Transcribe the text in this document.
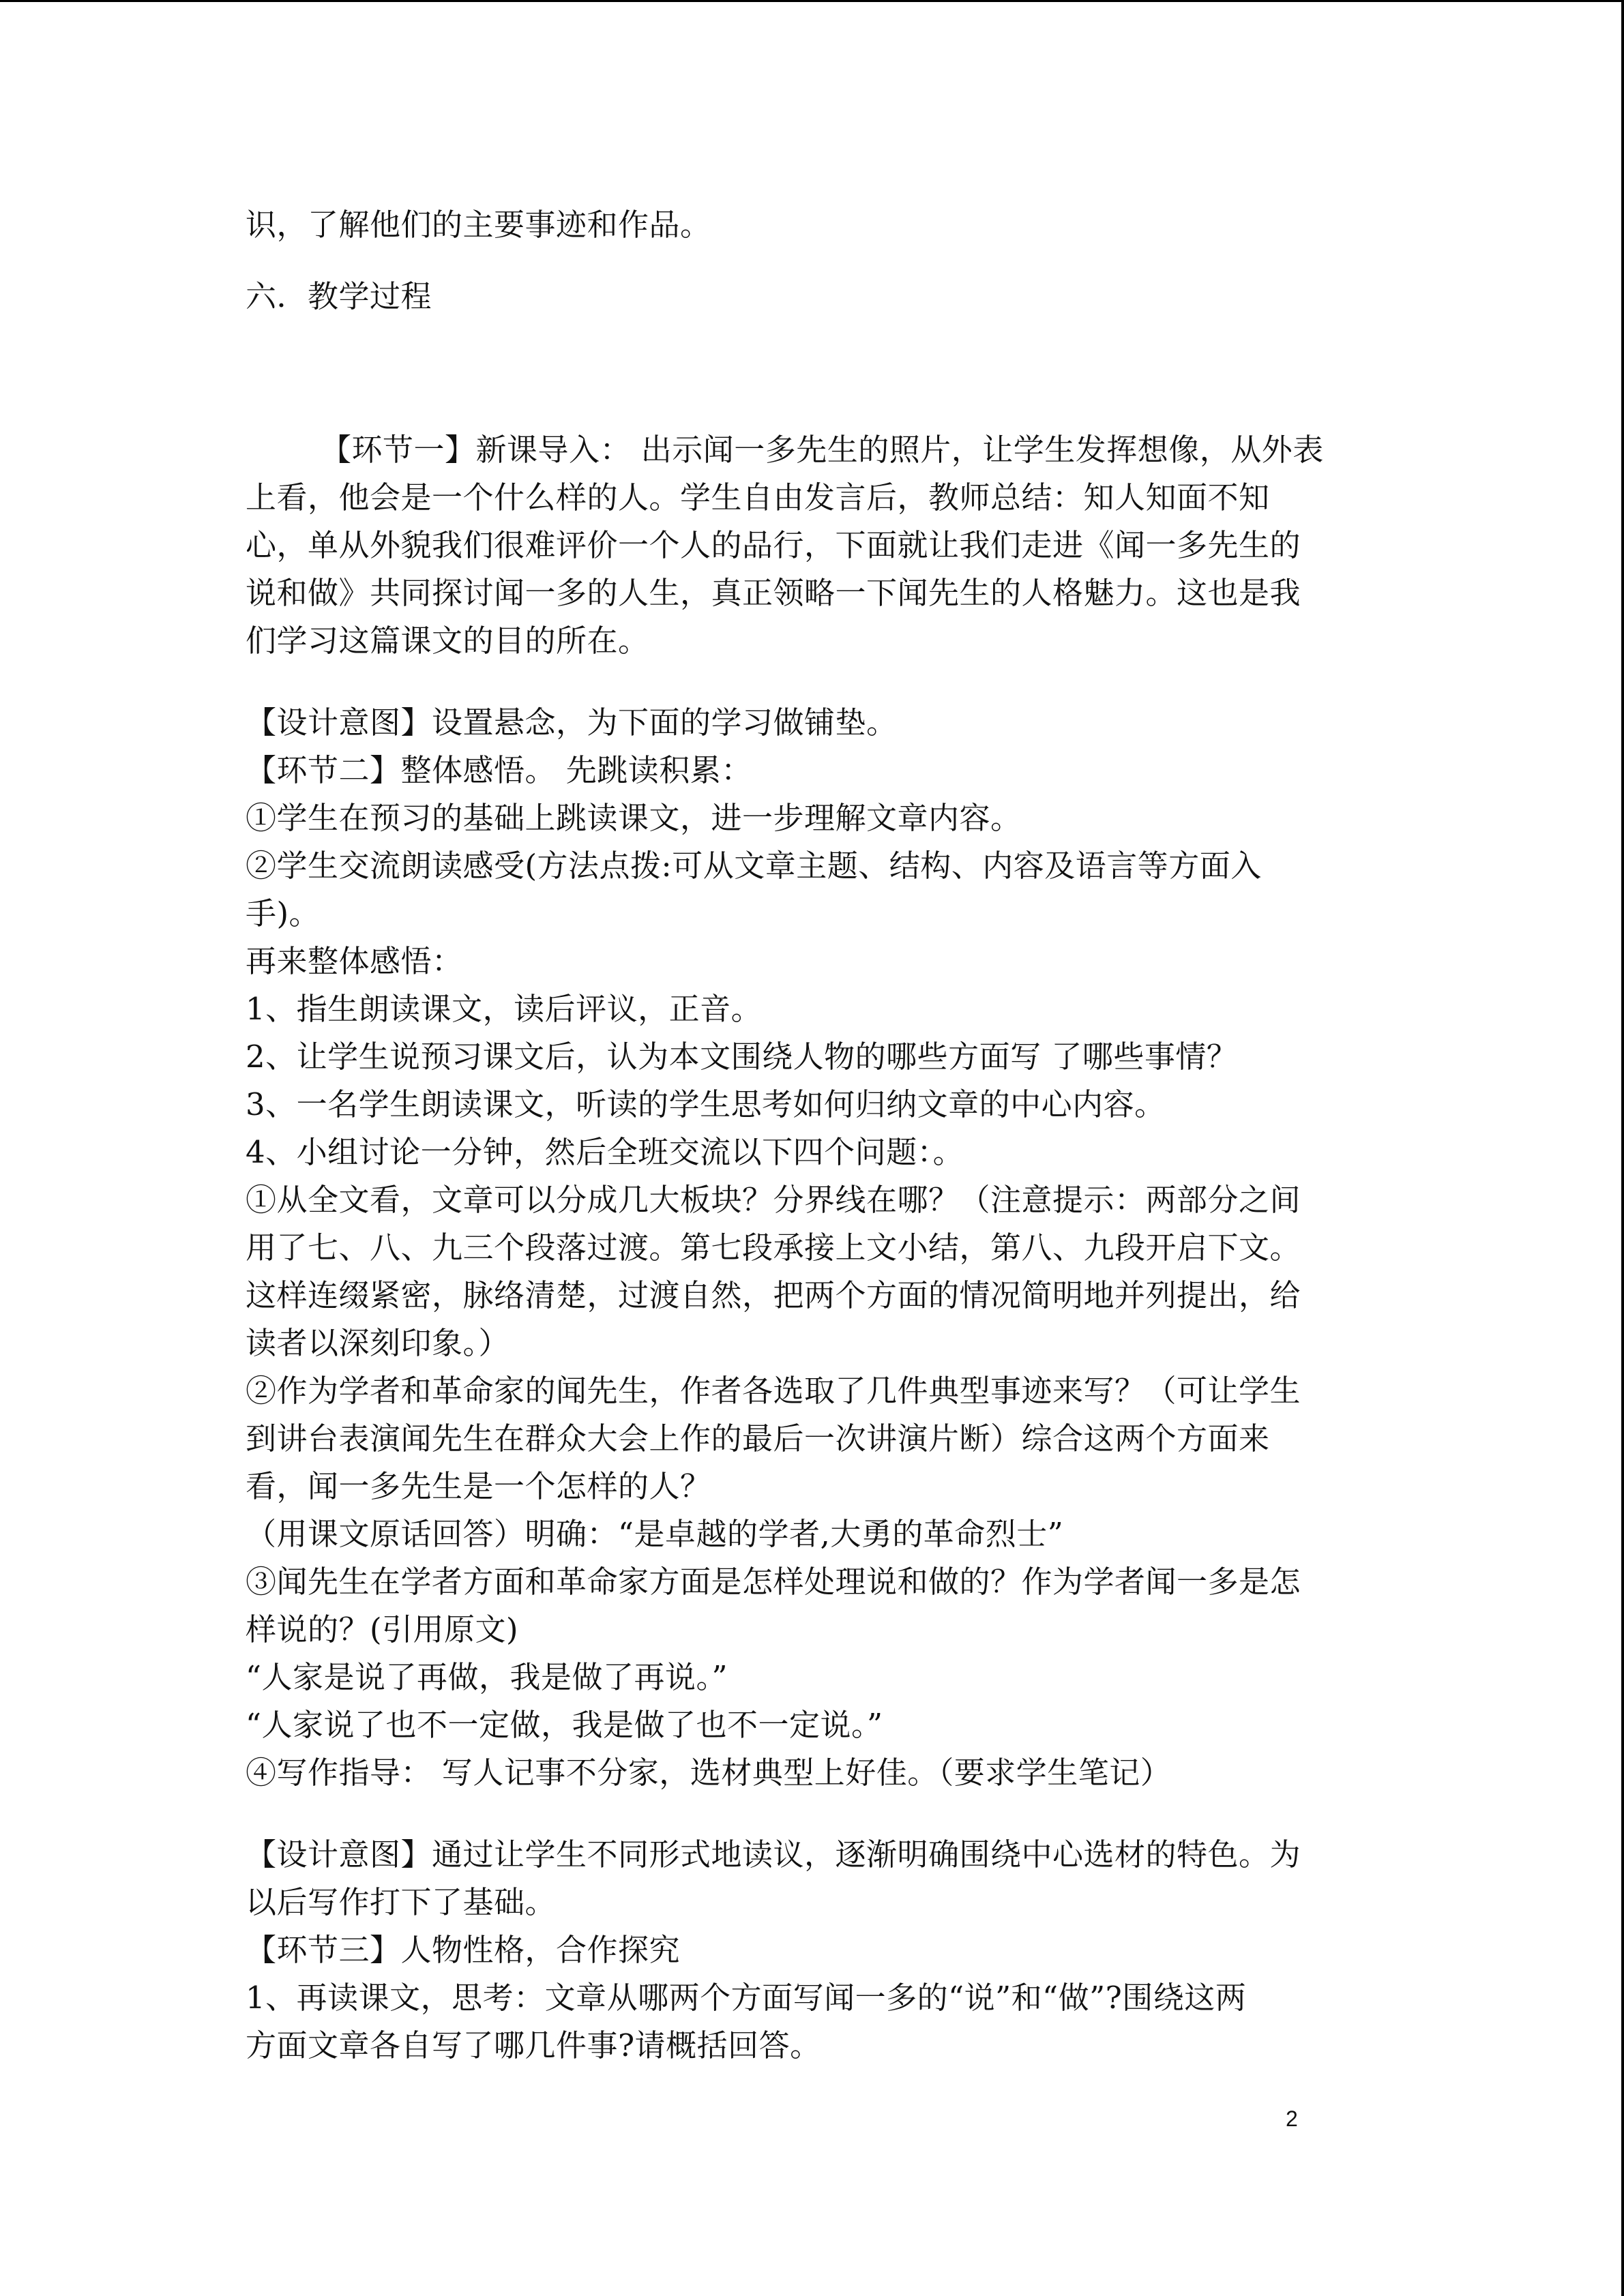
识，了解他们的主要事迹和作品。
六．教学过程
【环节一】新课导入： 出示闻一多先生的照片，让学生发挥想像，从外表
上看，他会是一个什么样的人。学生自由发言后，教师总结：知人知面不知
心，单从外貌我们很难评价一个人的品行，下面就让我们走进《闻一多先生的
说和做》共同探讨闻一多的人生，真正领略一下闻先生的人格魅力。这也是我
们学习这篇课文的目的所在。
【设计意图】设置悬念，为下面的学习做铺垫。
【环节二】整体感悟。 先跳读积累：
①学生在预习的基础上跳读课文，进一步理解文章内容。
②学生交流朗读感受(方法点拨:可从文章主题、结构、内容及语言等方面入
手)。
再来整体感悟：
1、指生朗读课文，读后评议，正音。
2、让学生说预习课文后，认为本文围绕人物的哪些方面写 了哪些事情？
3、一名学生朗读课文，听读的学生思考如何归纳文章的中心内容。
4、小组讨论一分钟，然后全班交流以下四个问题：。
①从全文看，文章可以分成几大板块？分界线在哪？（注意提示：两部分之间
用了七、八、九三个段落过渡。第七段承接上文小结，第八、九段开启下文。
这样连缀紧密，脉络清楚，过渡自然，把两个方面的情况简明地并列提出，给
读者以深刻印象。）
②作为学者和革命家的闻先生，作者各选取了几件典型事迹来写？（可让学生
到讲台表演闻先生在群众大会上作的最后一次讲演片断）综合这两个方面来
看，闻一多先生是一个怎样的人？
（用课文原话回答）明确：“是卓越的学者,大勇的革命烈士”
③闻先生在学者方面和革命家方面是怎样处理说和做的？作为学者闻一多是怎
样说的？(引用原文)
“人家是说了再做，我是做了再说。”
“人家说了也不一定做，我是做了也不一定说。”
④写作指导： 写人记事不分家，选材典型上好佳。（要求学生笔记）
【设计意图】通过让学生不同形式地读议，逐渐明确围绕中心选材的特色。为
以后写作打下了基础。
【环节三】人物性格，合作探究
1、再读课文，思考：文章从哪两个方面写闻一多的“说”和“做”?围绕这两
方面文章各自写了哪几件事?请概括回答。
2
